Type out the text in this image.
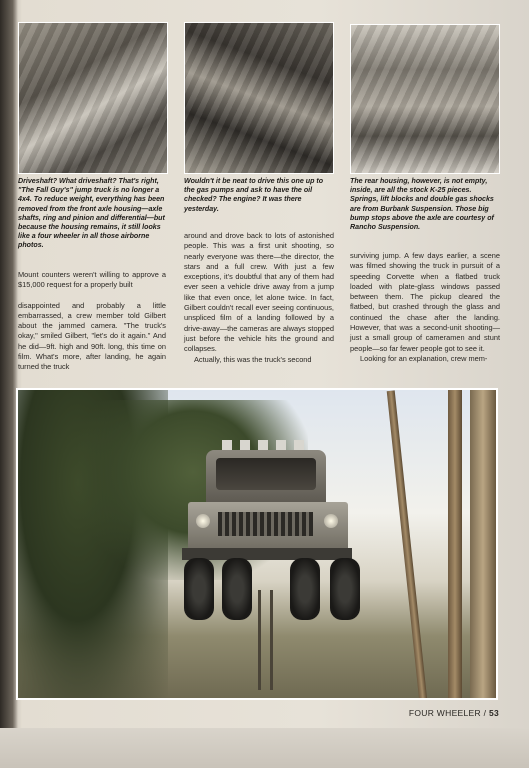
Driveshaft? What driveshaft? That's right, "The Fall Guy's" jump truck is no longer a 4x4. To reduce weight, everything has been removed from the front axle housing—axle shafts, ring and pinion and differential—but because the housing remains, it still looks like a four wheeler in all those airborne photos.
Wouldn't it be neat to drive this one up to the gas pumps and ask to have the oil checked? The engine? It was there yesterday.
The rear housing, however, is not empty, inside, are all the stock K-25 pieces. Springs, lift blocks and double gas shocks are from Burbank Suspension. Those big bump stops above the axle are courtesy of Rancho Suspension.

Mount counters weren't willing to approve a $15,000 request for a properly built

disappointed and probably a little embarrassed, a crew member told Gilbert about the jammed camera. "The truck's okay," smiled Gilbert, "let's do it again." And he did—9ft. high and 90ft. long, this time on film. What's more, after landing, he again turned the truck

around and drove back to lots of astonished people. This was a first unit shooting, so nearly everyone was there—the director, the stars and a full crew. With just a few exceptions, it's doubtful that any of them had ever seen a vehicle drive away from a jump like that even once, let alone twice. In fact, Gilbert couldn't recall ever seeing continuous, unspliced film of a landing followed by a drive-away—the cameras are always stopped just before the vehicle hits the ground and collapses.

Actually, this was the truck's second

surviving jump. A few days earlier, a scene was filmed showing the truck in pursuit of a speeding Corvette when a flatbed truck loaded with plate-glass windows passed between them. The pickup cleared the flatbed, but crashed through the glass and continued the chase after the landing. However, that was a second-unit shooting—just a small group of cameramen and stunt people—so far fewer people got to see it.

Looking for an explanation, crew mem-

FOUR WHEELER / 53
